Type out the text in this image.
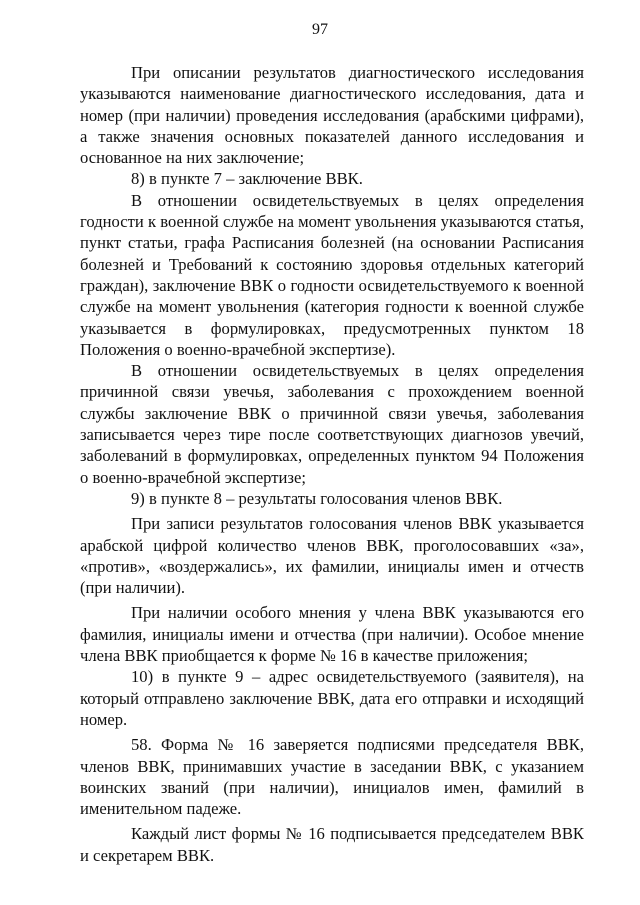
97

При описании результатов диагностического исследования указываются наименование диагностического исследования, дата и номер (при наличии) проведения исследования (арабскими цифрами), а также значения основных показателей данного исследования и основанное на них заключение;

8) в пункте 7 – заключение ВВК.

В отношении освидетельствуемых в целях определения годности к военной службе на момент увольнения указываются статья, пункт статьи, графа Расписания болезней (на основании Расписания болезней и Требований к состоянию здоровья отдельных категорий граждан), заключение ВВК о годности освидетельствуемого к военной службе на момент увольнения (категория годности к военной службе указывается в формулировках, предусмотренных пунктом 18 Положения о военно-врачебной экспертизе).

В отношении освидетельствуемых в целях определения причинной связи увечья, заболевания с прохождением военной службы заключение ВВК о причинной связи увечья, заболевания записывается через тире после соответствующих диагнозов увечий, заболеваний в формулировках, определенных пунктом 94 Положения о военно-врачебной экспертизе;

9) в пункте 8 – результаты голосования членов ВВК.

При записи результатов голосования членов ВВК указывается арабской цифрой количество членов ВВК, проголосовавших «за», «против», «воздержались», их фамилии, инициалы имен и отчеств (при наличии).

При наличии особого мнения у члена ВВК указываются его фамилия, инициалы имени и отчества (при наличии). Особое мнение члена ВВК приобщается к форме № 16 в качестве приложения;

10) в пункте 9 – адрес освидетельствуемого (заявителя), на который отправлено заключение ВВК, дата его отправки и исходящий номер.

58. Форма № 16 заверяется подписями председателя ВВК, членов ВВК, принимавших участие в заседании ВВК, с указанием воинских званий (при наличии), инициалов имен, фамилий в именительном падеже.

Каждый лист формы № 16 подписывается председателем ВВК и секретарем ВВК.
